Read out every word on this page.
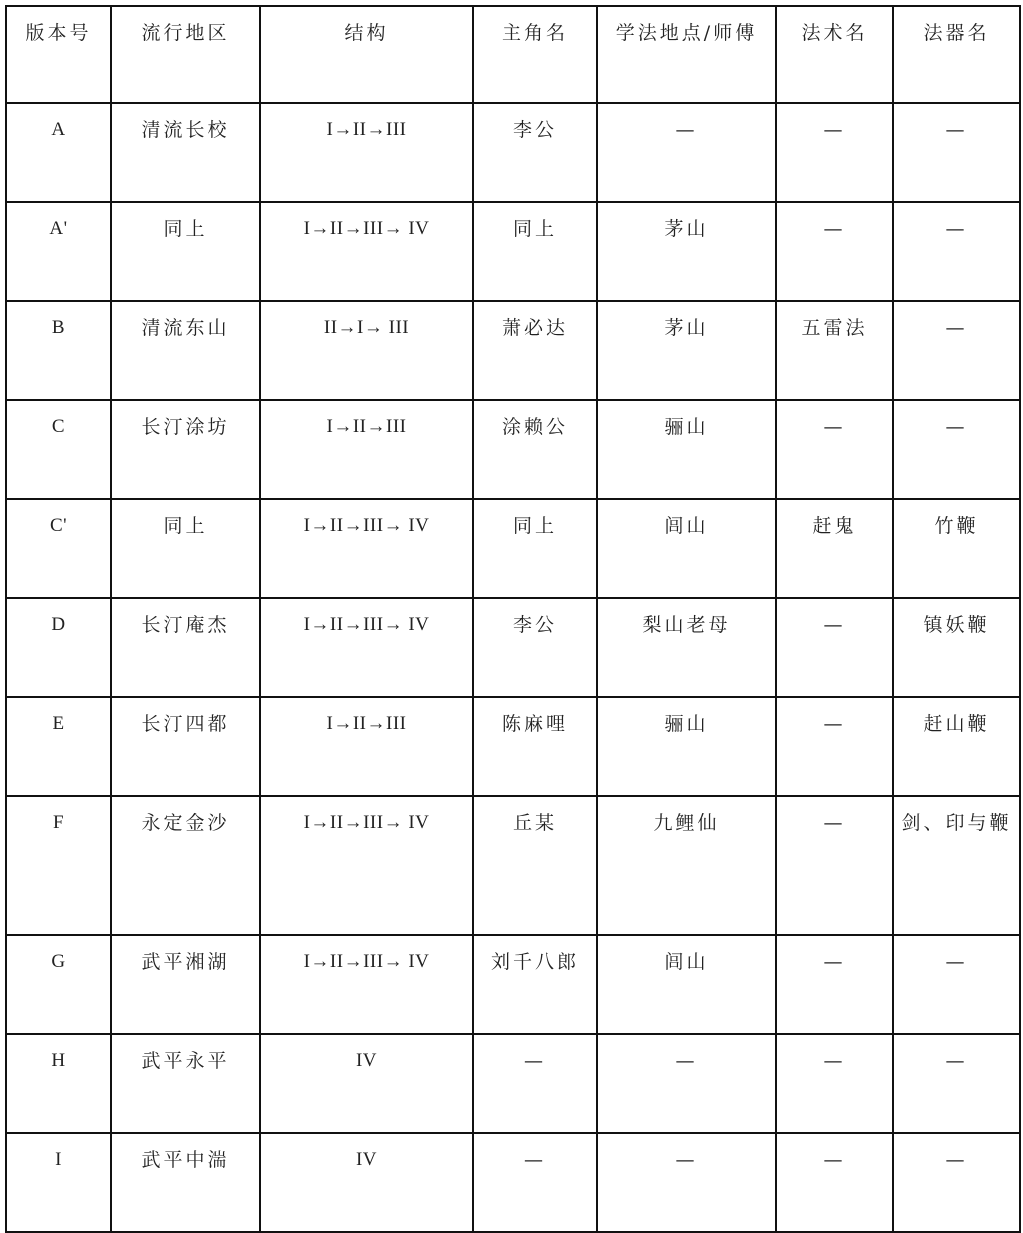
版本号	流行地区	结构	主角名	学法地点/师傅	法术名	法器名
A	清流长校	I→II→III	李公	—	—	—
A'	同上	I→II→III→ IV	同上	茅山	—	—
B	清流东山	II→I→ III	萧必达	茅山	五雷法	—
C	长汀涂坊	I→II→III	涂赖公	骊山	—	—
C'	同上	I→II→III→ IV	同上	闾山	赶鬼	竹鞭
D	长汀庵杰	I→II→III→ IV	李公	梨山老母	—	镇妖鞭
E	长汀四都	I→II→III	陈麻哩	骊山	—	赶山鞭
F	永定金沙	I→II→III→ IV	丘某	九鲤仙	—	剑、印与鞭
G	武平湘湖	I→II→III→ IV	刘千八郎	闾山	—	—
H	武平永平	IV	—	—	—	—
I	武平中湍	IV	—	—	—	—
